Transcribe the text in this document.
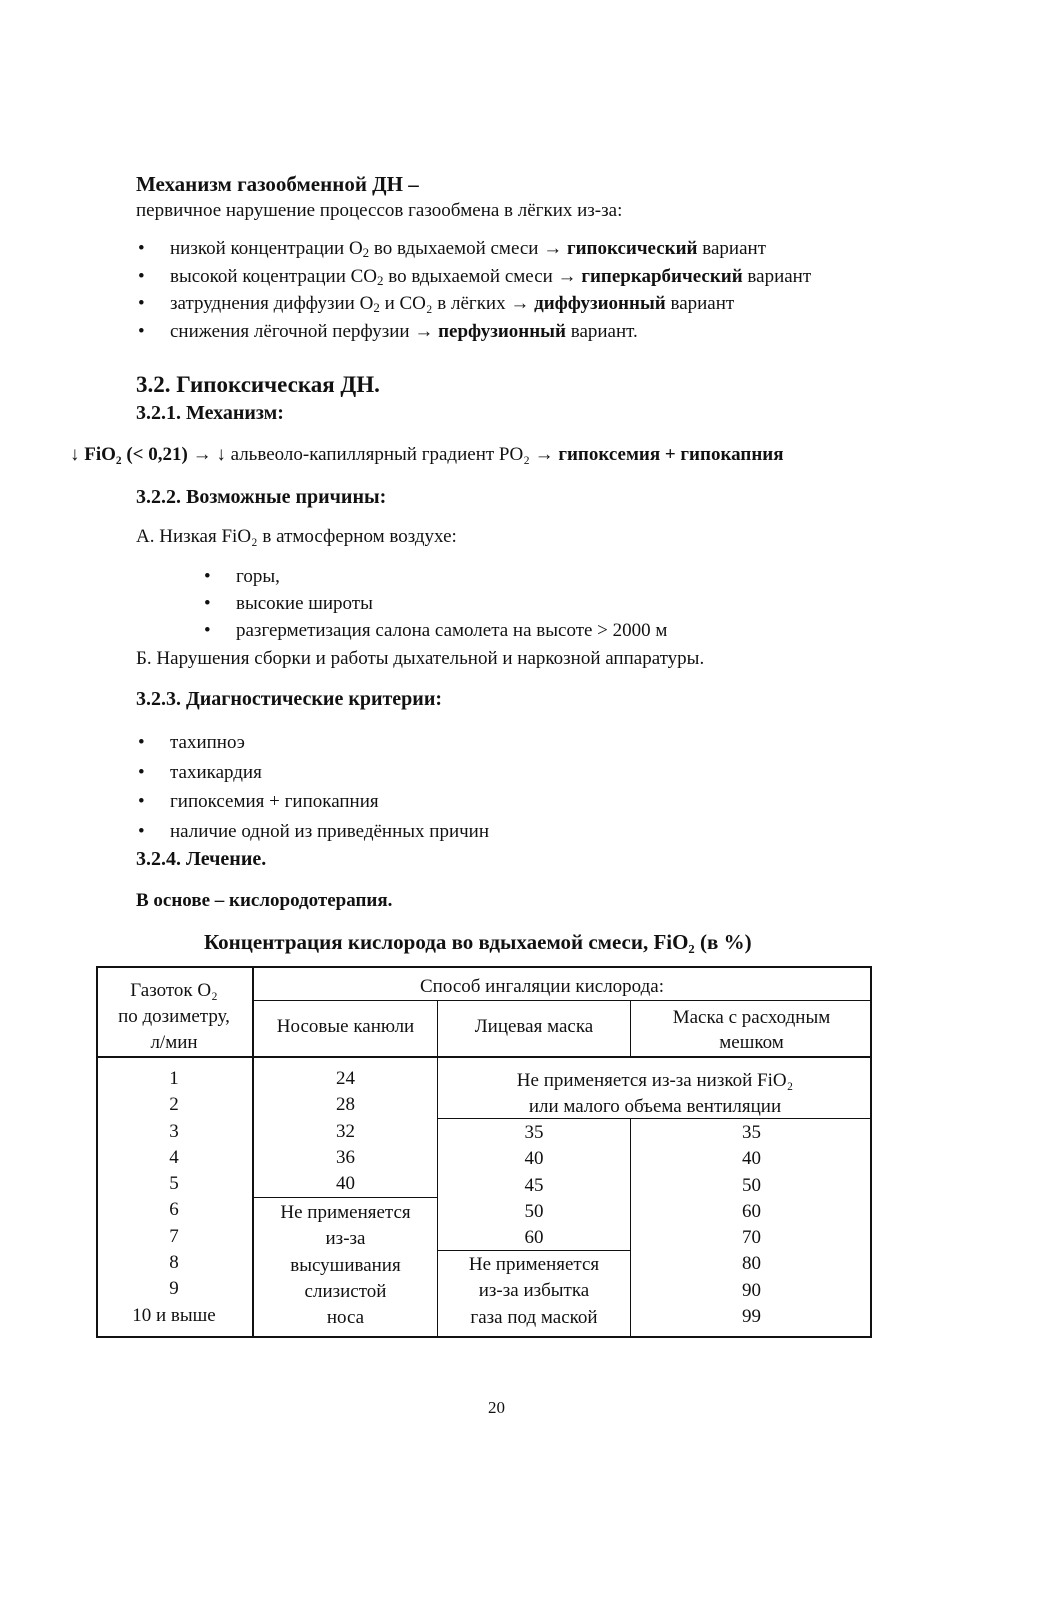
Механизм газообменной ДН –
первичное нарушение процессов газообмена в лёгких из-за:
• низкой концентрации $O_2$ во вдыхаемой смеси → гипоксический вариант
• высокой коцентрации $CO_2$ во вдыхаемой смеси → гиперкарбический вариант
• затруднения диффузии $O_2$ и CO₂ в лёгких → диффузионный вариант
• снижения лёгочной перфузии → перфузионный вариант.
3.2. Гипоксическая ДН.
3.2.1. Механизм:
↓ FiO₂ (< 0,21) → ↓ альвеоло-капиллярный градиент PO₂ → гипоксемия + гипокапния
3.2.2. Возможные причины:
А. Низкая FiO₂ в атмосферном воздухе:
• горы,
• высокие широты
• разгерметизация салона самолета на высоте > 2000 м
Б. Нарушения сборки и работы дыхательной и наркозной аппаратуры.
3.2.3. Диагностические критерии:
• тахипноэ
• тахикардия
• гипоксемия + гипокапния
• наличие одной из приведённых причин
3.2.4. Лечение.
В основе – кислородотерапия.
Концентрация кислорода во вдыхаемой смеси, FiO₂ (в %)
Газоток O₂
по дозиметру,
л/мин
Способ ингаляции кислорода:
Носовые канюли	Лицевая маска	Маска с расходным
мешком
1
2
3
4
5
6
7
8
9
10 и выше
24
28
32
36
40
Не применяется
из-за
высушивания
слизистой
носа
Не применяется из-за низкой FiO₂
или малого объема вентиляции
35
40
45
50
60
Не применяется
из-за избытка
газа под маской
35
40
50
60
70
80
90
99
20
